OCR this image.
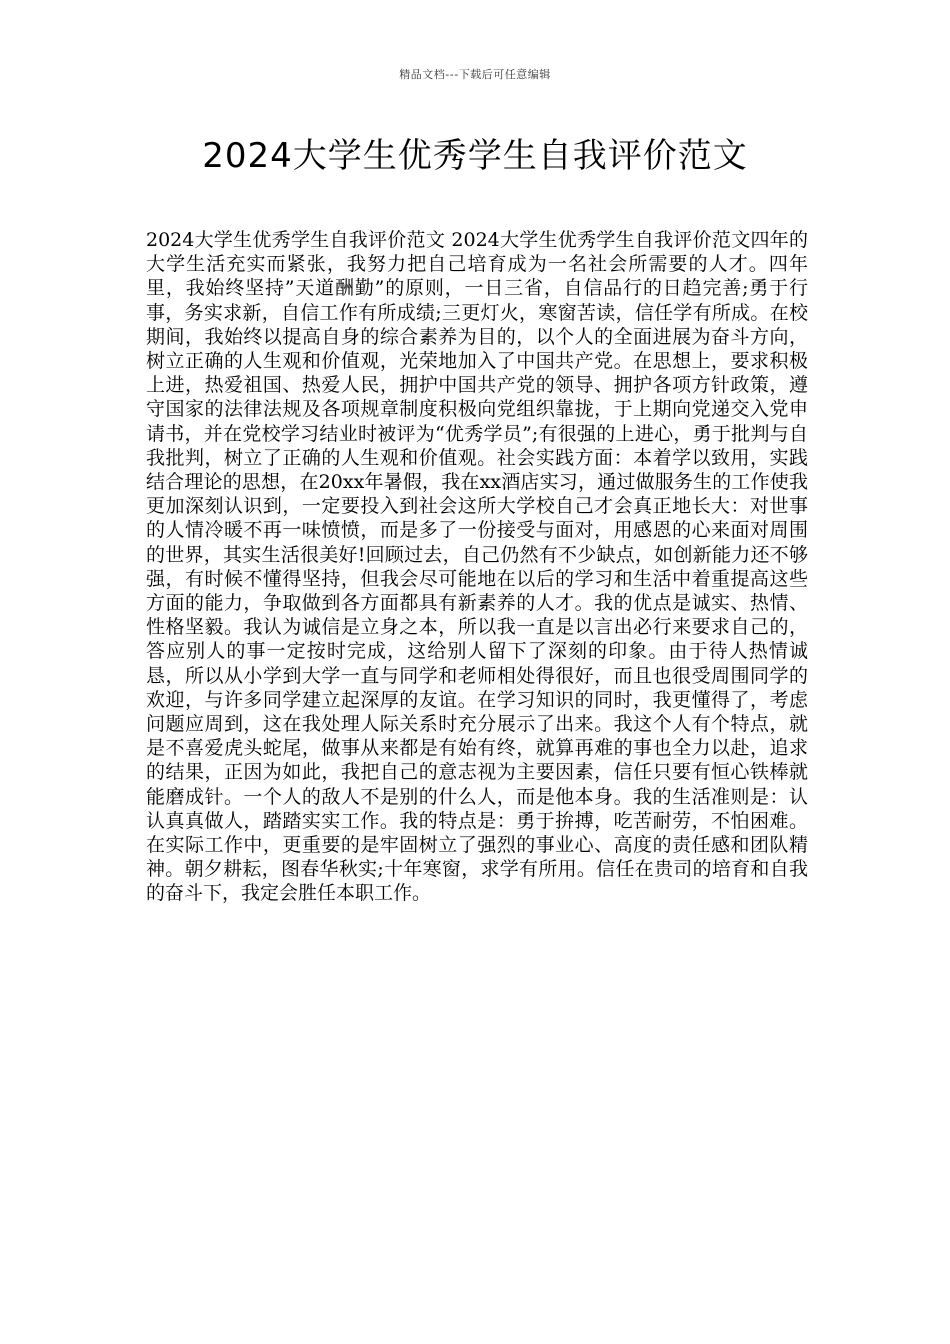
精品文档---下载后可任意编辑
2024大学生优秀学生自我评价范文

2024大学生优秀学生自我评价范文 2024大学生优秀学生自我评价范文四年的大学生活充实而紧张，我努力把自己培育成为一名社会所需要的人才。四年里，我始终坚持”天道酬勤”的原则，一日三省，自信品行的日趋完善;勇于行事，务实求新，自信工作有所成绩;三更灯火，寒窗苦读，信任学有所成。在校期间，我始终以提高自身的综合素养为目的，以个人的全面进展为奋斗方向，树立正确的人生观和价值观，光荣地加入了中国共产党。在思想上，要求积极上进，热爱祖国、热爱人民，拥护中国共产党的领导、拥护各项方针政策，遵守国家的法律法规及各项规章制度积极向党组织靠拢，于上期向党递交入党申请书，并在党校学习结业时被评为“优秀学员”;有很强的上进心，勇于批判与自我批判，树立了正确的人生观和价值观。社会实践方面：本着学以致用，实践结合理论的思想，在20xx年暑假，我在xx酒店实习，通过做服务生的工作使我更加深刻认识到，一定要投入到社会这所大学校自己才会真正地长大：对世事的人情冷暖不再一味愤愤，而是多了一份接受与面对，用感恩的心来面对周围的世界，其实生活很美好!回顾过去，自己仍然有不少缺点，如创新能力还不够强，有时候不懂得坚持，但我会尽可能地在以后的学习和生活中着重提高这些方面的能力，争取做到各方面都具有新素养的人才。我的优点是诚实、热情、性格坚毅。我认为诚信是立身之本，所以我一直是以言出必行来要求自己的，答应别人的事一定按时完成，这给别人留下了深刻的印象。由于待人热情诚恳，所以从小学到大学一直与同学和老师相处得很好，而且也很受周围同学的欢迎，与许多同学建立起深厚的友谊。在学习知识的同时，我更懂得了，考虑问题应周到，这在我处理人际关系时充分展示了出来。我这个人有个特点，就是不喜爱虎头蛇尾，做事从来都是有始有终，就算再难的事也全力以赴，追求的结果，正因为如此，我把自己的意志视为主要因素，信任只要有恒心铁棒就能磨成针。一个人的敌人不是别的什么人，而是他本身。我的生活准则是：认认真真做人，踏踏实实工作。我的特点是：勇于拚搏，吃苦耐劳，不怕困难。在实际工作中，更重要的是牢固树立了强烈的事业心、高度的责任感和团队精神。朝夕耕耘，图春华秋实;十年寒窗，求学有所用。信任在贵司的培育和自我的奋斗下，我定会胜任本职工作。
